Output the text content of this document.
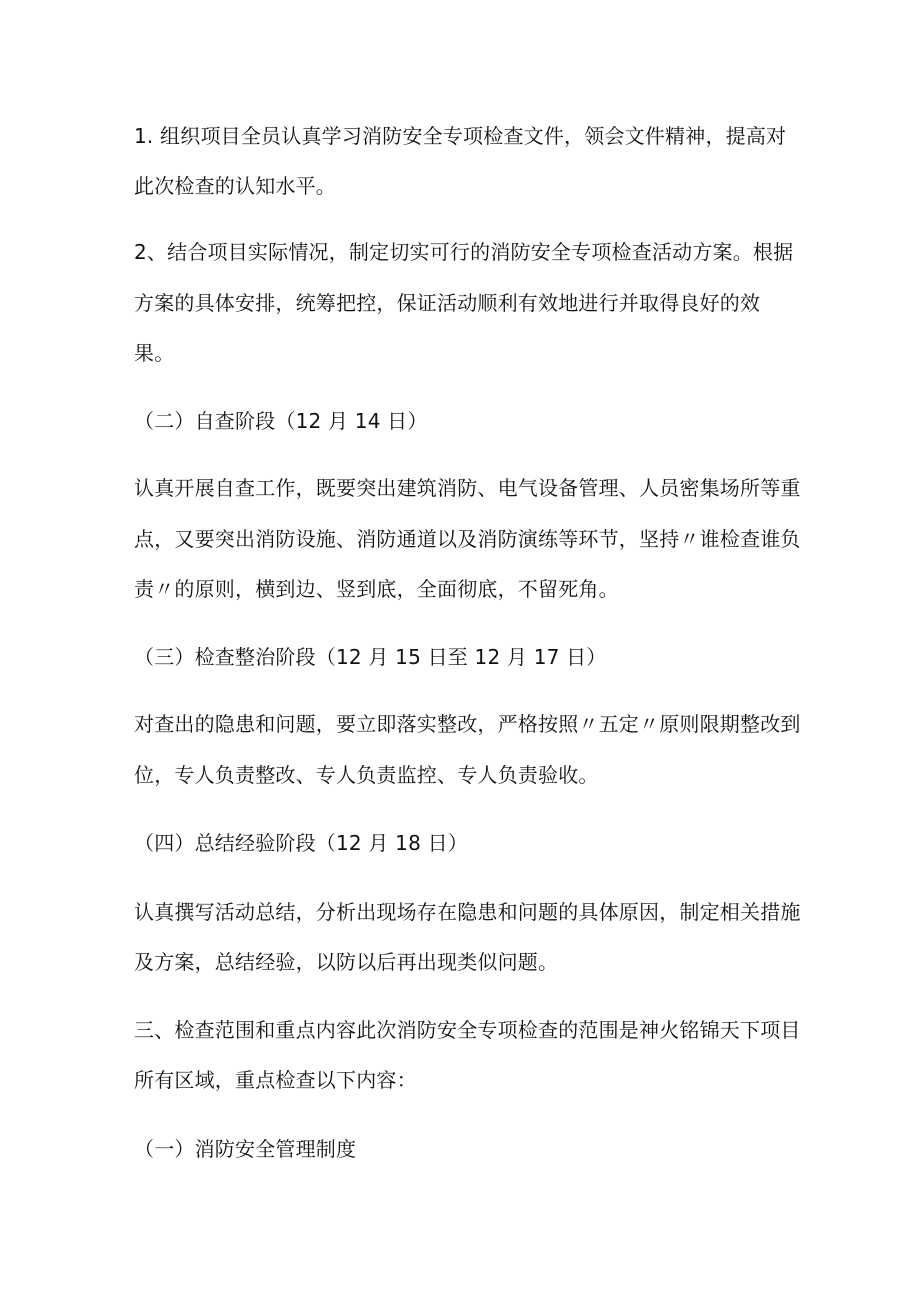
1. 组织项目全员认真学习消防安全专项检查文件，领会文件精神，提高对
此次检查的认知水平。
2、结合项目实际情况，制定切实可行的消防安全专项检查活动方案。根据
方案的具体安排，统筹把控，保证活动顺利有效地进行并取得良好的效
果。
（二）自查阶段（12 月 14 日）
认真开展自查工作，既要突出建筑消防、电气设备管理、人员密集场所等重
点，又要突出消防设施、消防通道以及消防演练等环节，坚持〃谁检查谁负
责〃的原则，横到边、竖到底，全面彻底，不留死角。
（三）检查整治阶段（12 月 15 日至 12 月 17 日）
对查出的隐患和问题，要立即落实整改，严格按照〃五定〃原则限期整改到
位，专人负责整改、专人负责监控、专人负责验收。
（四）总结经验阶段（12 月 18 日）
认真撰写活动总结，分析出现场存在隐患和问题的具体原因，制定相关措施
及方案，总结经验，以防以后再出现类似问题。
三、检查范围和重点内容此次消防安全专项检查的范围是神火铭锦天下项目
所有区域，重点检查以下内容：
（一）消防安全管理制度
